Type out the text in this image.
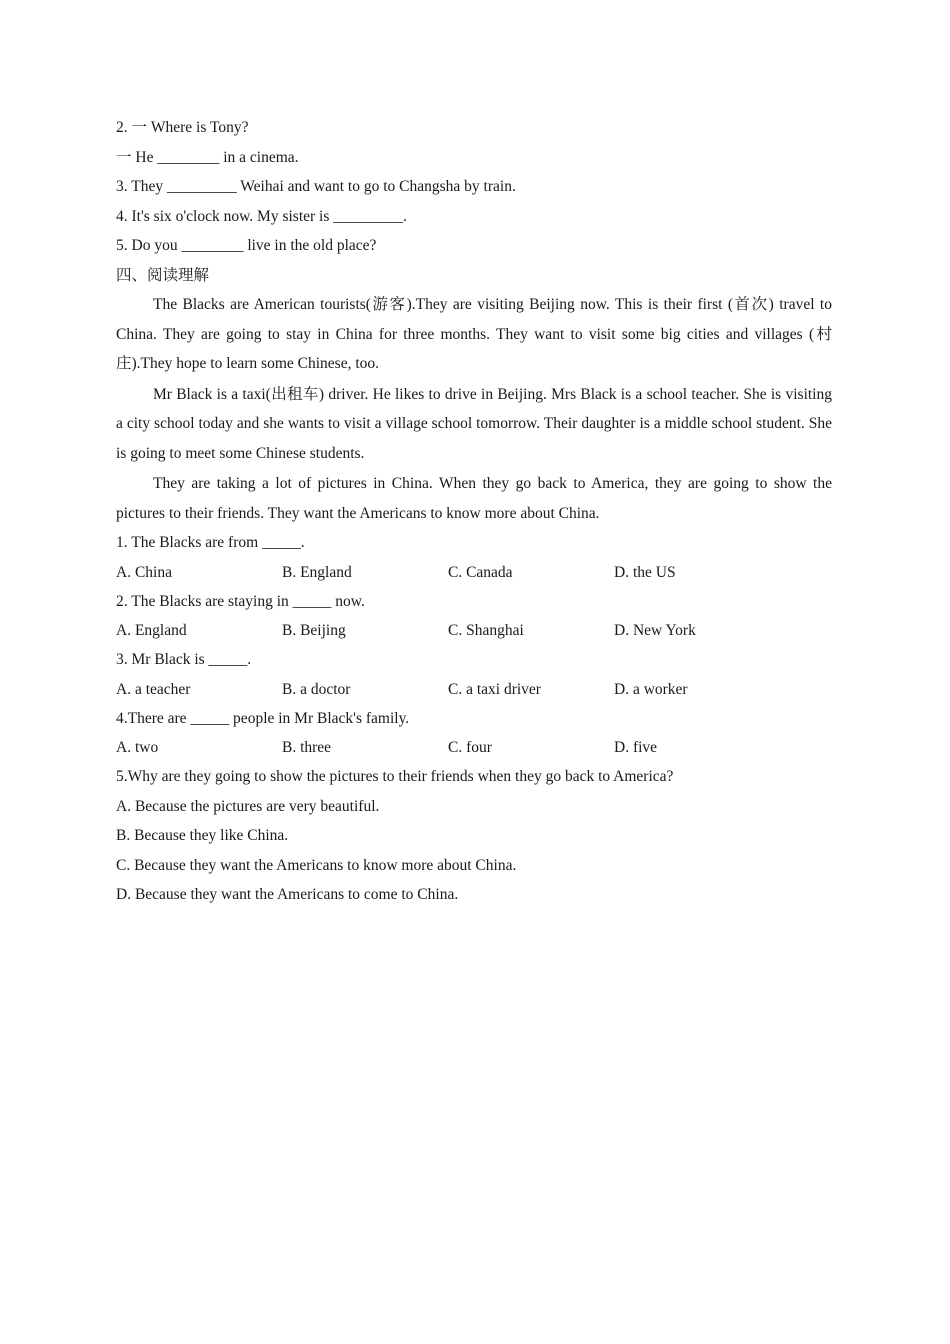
2. 一 Where is Tony?
一 He ________ in a cinema.
3. They _________ Weihai and want to go to Changsha by train.
4. It's six o'clock now. My sister is _________.
5. Do you ________ live in the old place?
四、阅读理解

The Blacks are American tourists(游客).They are visiting Beijing now. This is their first (首次) travel to China. They are going to stay in China for three months. They want to visit some big cities and villages (村庄).They hope to learn some Chinese, too.

Mr Black is a taxi(出租车) driver. He likes to drive in Beijing. Mrs Black is a school teacher. She is visiting a city school today and she wants to visit a village school tomorrow. Their daughter is a middle school student. She is going to meet some Chinese students.

They are taking a lot of pictures in China. When they go back to America, they are going to show the pictures to their friends. They want the Americans to know more about China.

1. The Blacks are from _____.
A. China	B. England	C. Canada	D. the US
2. The Blacks are staying in _____ now.
A. England	B. Beijing	C. Shanghai	D. New York
3. Mr Black is _____.
A. a teacher	B. a doctor	C. a taxi driver	D. a worker
4.There are _____ people in Mr Black's family.
A. two	B. three	C. four	D. five
5.Why are they going to show the pictures to their friends when they go back to America?
A. Because the pictures are very beautiful.
B. Because they like China.
C. Because they want the Americans to know more about China.
D. Because they want the Americans to come to China.
